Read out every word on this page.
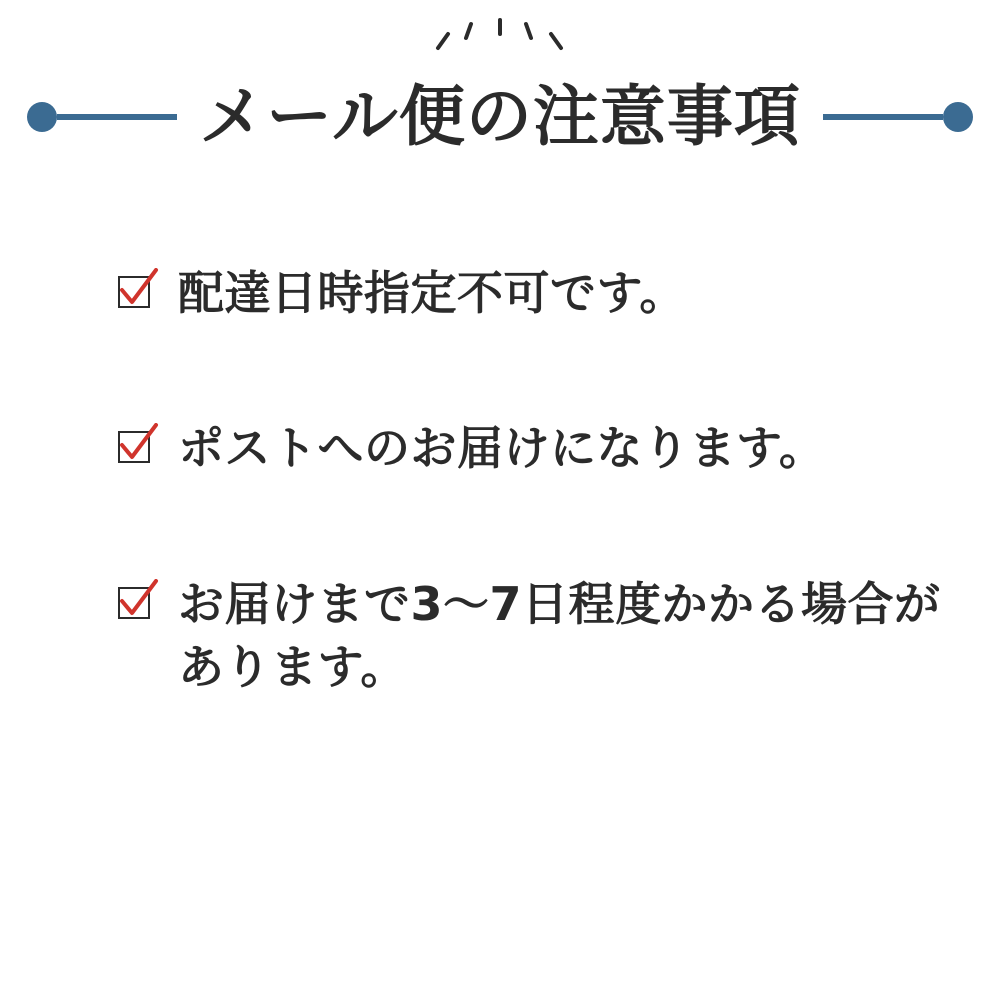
メール便の注意事項
配達日時指定不可です。
ポストへのお届けになります。
お届けまで3〜7日程度かかる場合があります。
